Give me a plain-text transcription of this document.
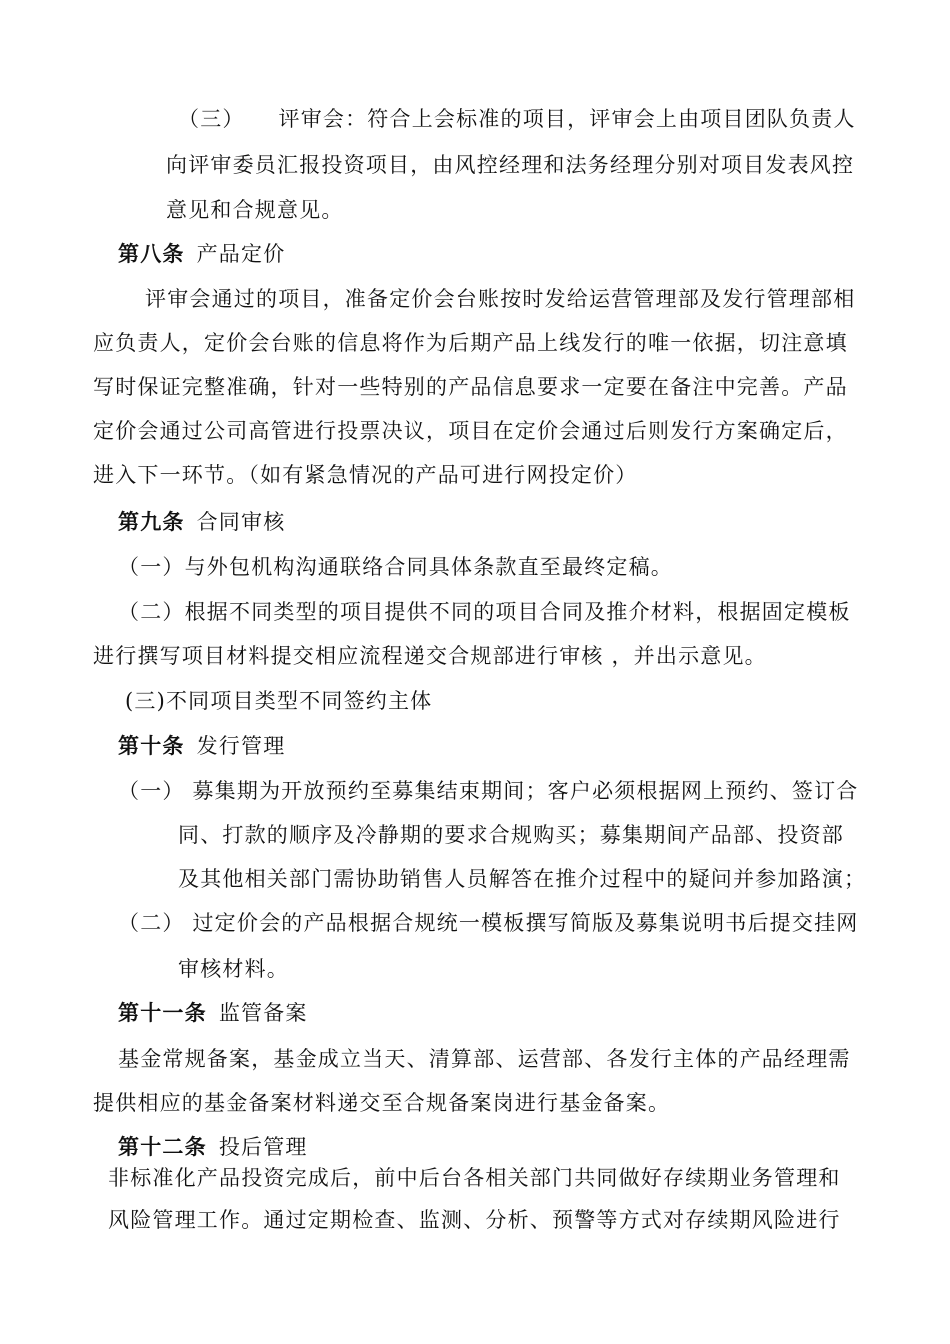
（三）　　评审会：符合上会标准的项目，评审会上由项目团队负责人
向评审委员汇报投资项目，由风控经理和法务经理分别对项目发表风控
意见和合规意见。
第八条 产品定价
评审会通过的项目，准备定价会台账按时发给运营管理部及发行管理部相
应负责人，定价会台账的信息将作为后期产品上线发行的唯一依据，切注意填
写时保证完整准确，针对一些特别的产品信息要求一定要在备注中完善。产品
定价会通过公司高管进行投票决议，项目在定价会通过后则发行方案确定后，
进入下一环节。（如有紧急情况的产品可进行网投定价）
第九条 合同审核
（一）与外包机构沟通联络合同具体条款直至最终定稿。
（二）根据不同类型的项目提供不同的项目合同及推介材料，根据固定模板
进行撰写项目材料提交相应流程递交合规部进行审核 ，并出示意见。
(三)不同项目类型不同签约主体
第十条 发行管理
（一） 募集期为开放预约至募集结束期间；客户必须根据网上预约、签订合
同、打款的顺序及冷静期的要求合规购买；募集期间产品部、投资部
及其他相关部门需协助销售人员解答在推介过程中的疑问并参加路演；
（二） 过定价会的产品根据合规统一模板撰写简版及募集说明书后提交挂网
审核材料。
第十一条 监管备案
基金常规备案，基金成立当天、清算部、运营部、各发行主体的产品经理需
提供相应的基金备案材料递交至合规备案岗进行基金备案。
第十二条 投后管理
非标准化产品投资完成后，前中后台各相关部门共同做好存续期业务管理和
风险管理工作。通过定期检查、监测、分析、预警等方式对存续期风险进行
